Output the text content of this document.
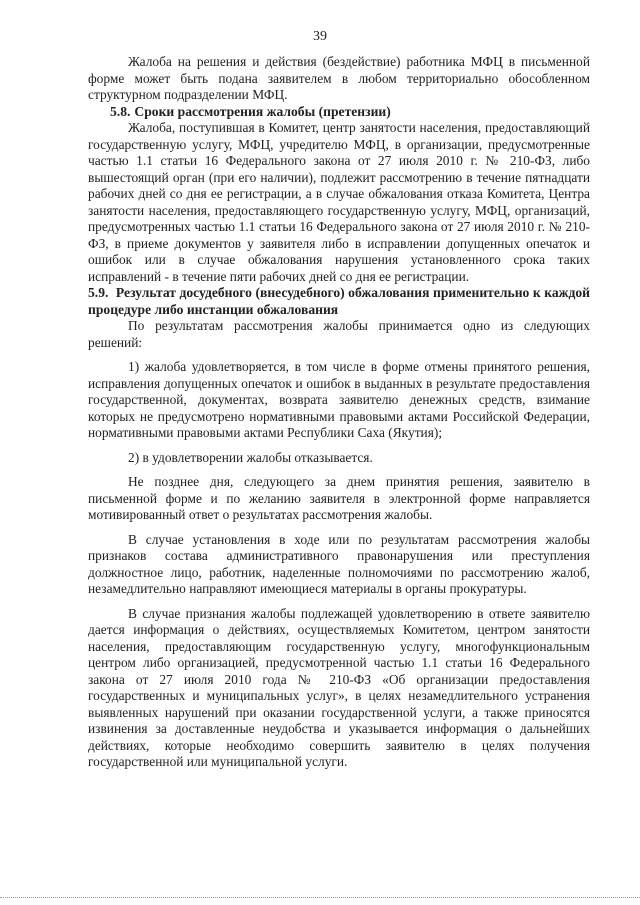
39

Жалоба на решения и действия (бездействие) работника МФЦ в письменной форме может быть подана заявителем в любом территориально обособленном структурном подразделении МФЦ.

5.8. Сроки рассмотрения жалобы (претензии)

Жалоба, поступившая в Комитет, центр занятости населения, предоставляющий государственную услугу, МФЦ, учредителю МФЦ, в организации, предусмотренные частью 1.1 статьи 16 Федерального закона от 27 июля 2010 г. № 210-ФЗ, либо вышестоящий орган (при его наличии), подлежит рассмотрению в течение пятнадцати рабочих дней со дня ее регистрации, а в случае обжалования отказа Комитета, Центра занятости населения, предоставляющего государственную услугу, МФЦ, организаций, предусмотренных частью 1.1 статьи 16 Федерального закона от 27 июля 2010 г. № 210-ФЗ, в приеме документов у заявителя либо в исправлении допущенных опечаток и ошибок или в случае обжалования нарушения установленного срока таких исправлений - в течение пяти рабочих дней со дня ее регистрации.

5.9. Результат досудебного (внесудебного) обжалования применительно к каждой процедуре либо инстанции обжалования

По результатам рассмотрения жалобы принимается одно из следующих решений:

1) жалоба удовлетворяется, в том числе в форме отмены принятого решения, исправления допущенных опечаток и ошибок в выданных в результате предоставления государственной, документах, возврата заявителю денежных средств, взимание которых не предусмотрено нормативными правовыми актами Российской Федерации, нормативными правовыми актами Республики Саха (Якутия);

2) в удовлетворении жалобы отказывается.

Не позднее дня, следующего за днем принятия решения, заявителю в письменной форме и по желанию заявителя в электронной форме направляется мотивированный ответ о результатах рассмотрения жалобы.

В случае установления в ходе или по результатам рассмотрения жалобы признаков состава административного правонарушения или преступления должностное лицо, работник, наделенные полномочиями по рассмотрению жалоб, незамедлительно направляют имеющиеся материалы в органы прокуратуры.

В случае признания жалобы подлежащей удовлетворению в ответе заявителю дается информация о действиях, осуществляемых Комитетом, центром занятости населения, предоставляющим государственную услугу, многофункциональным центром либо организацией, предусмотренной частью 1.1 статьи 16 Федерального закона от 27 июля 2010 года № 210-ФЗ «Об организации предоставления государственных и муниципальных услуг», в целях незамедлительного устранения выявленных нарушений при оказании государственной услуги, а также приносятся извинения за доставленные неудобства и указывается информация о дальнейших действиях, которые необходимо совершить заявителю в целях получения государственной или муниципальной услуги.
